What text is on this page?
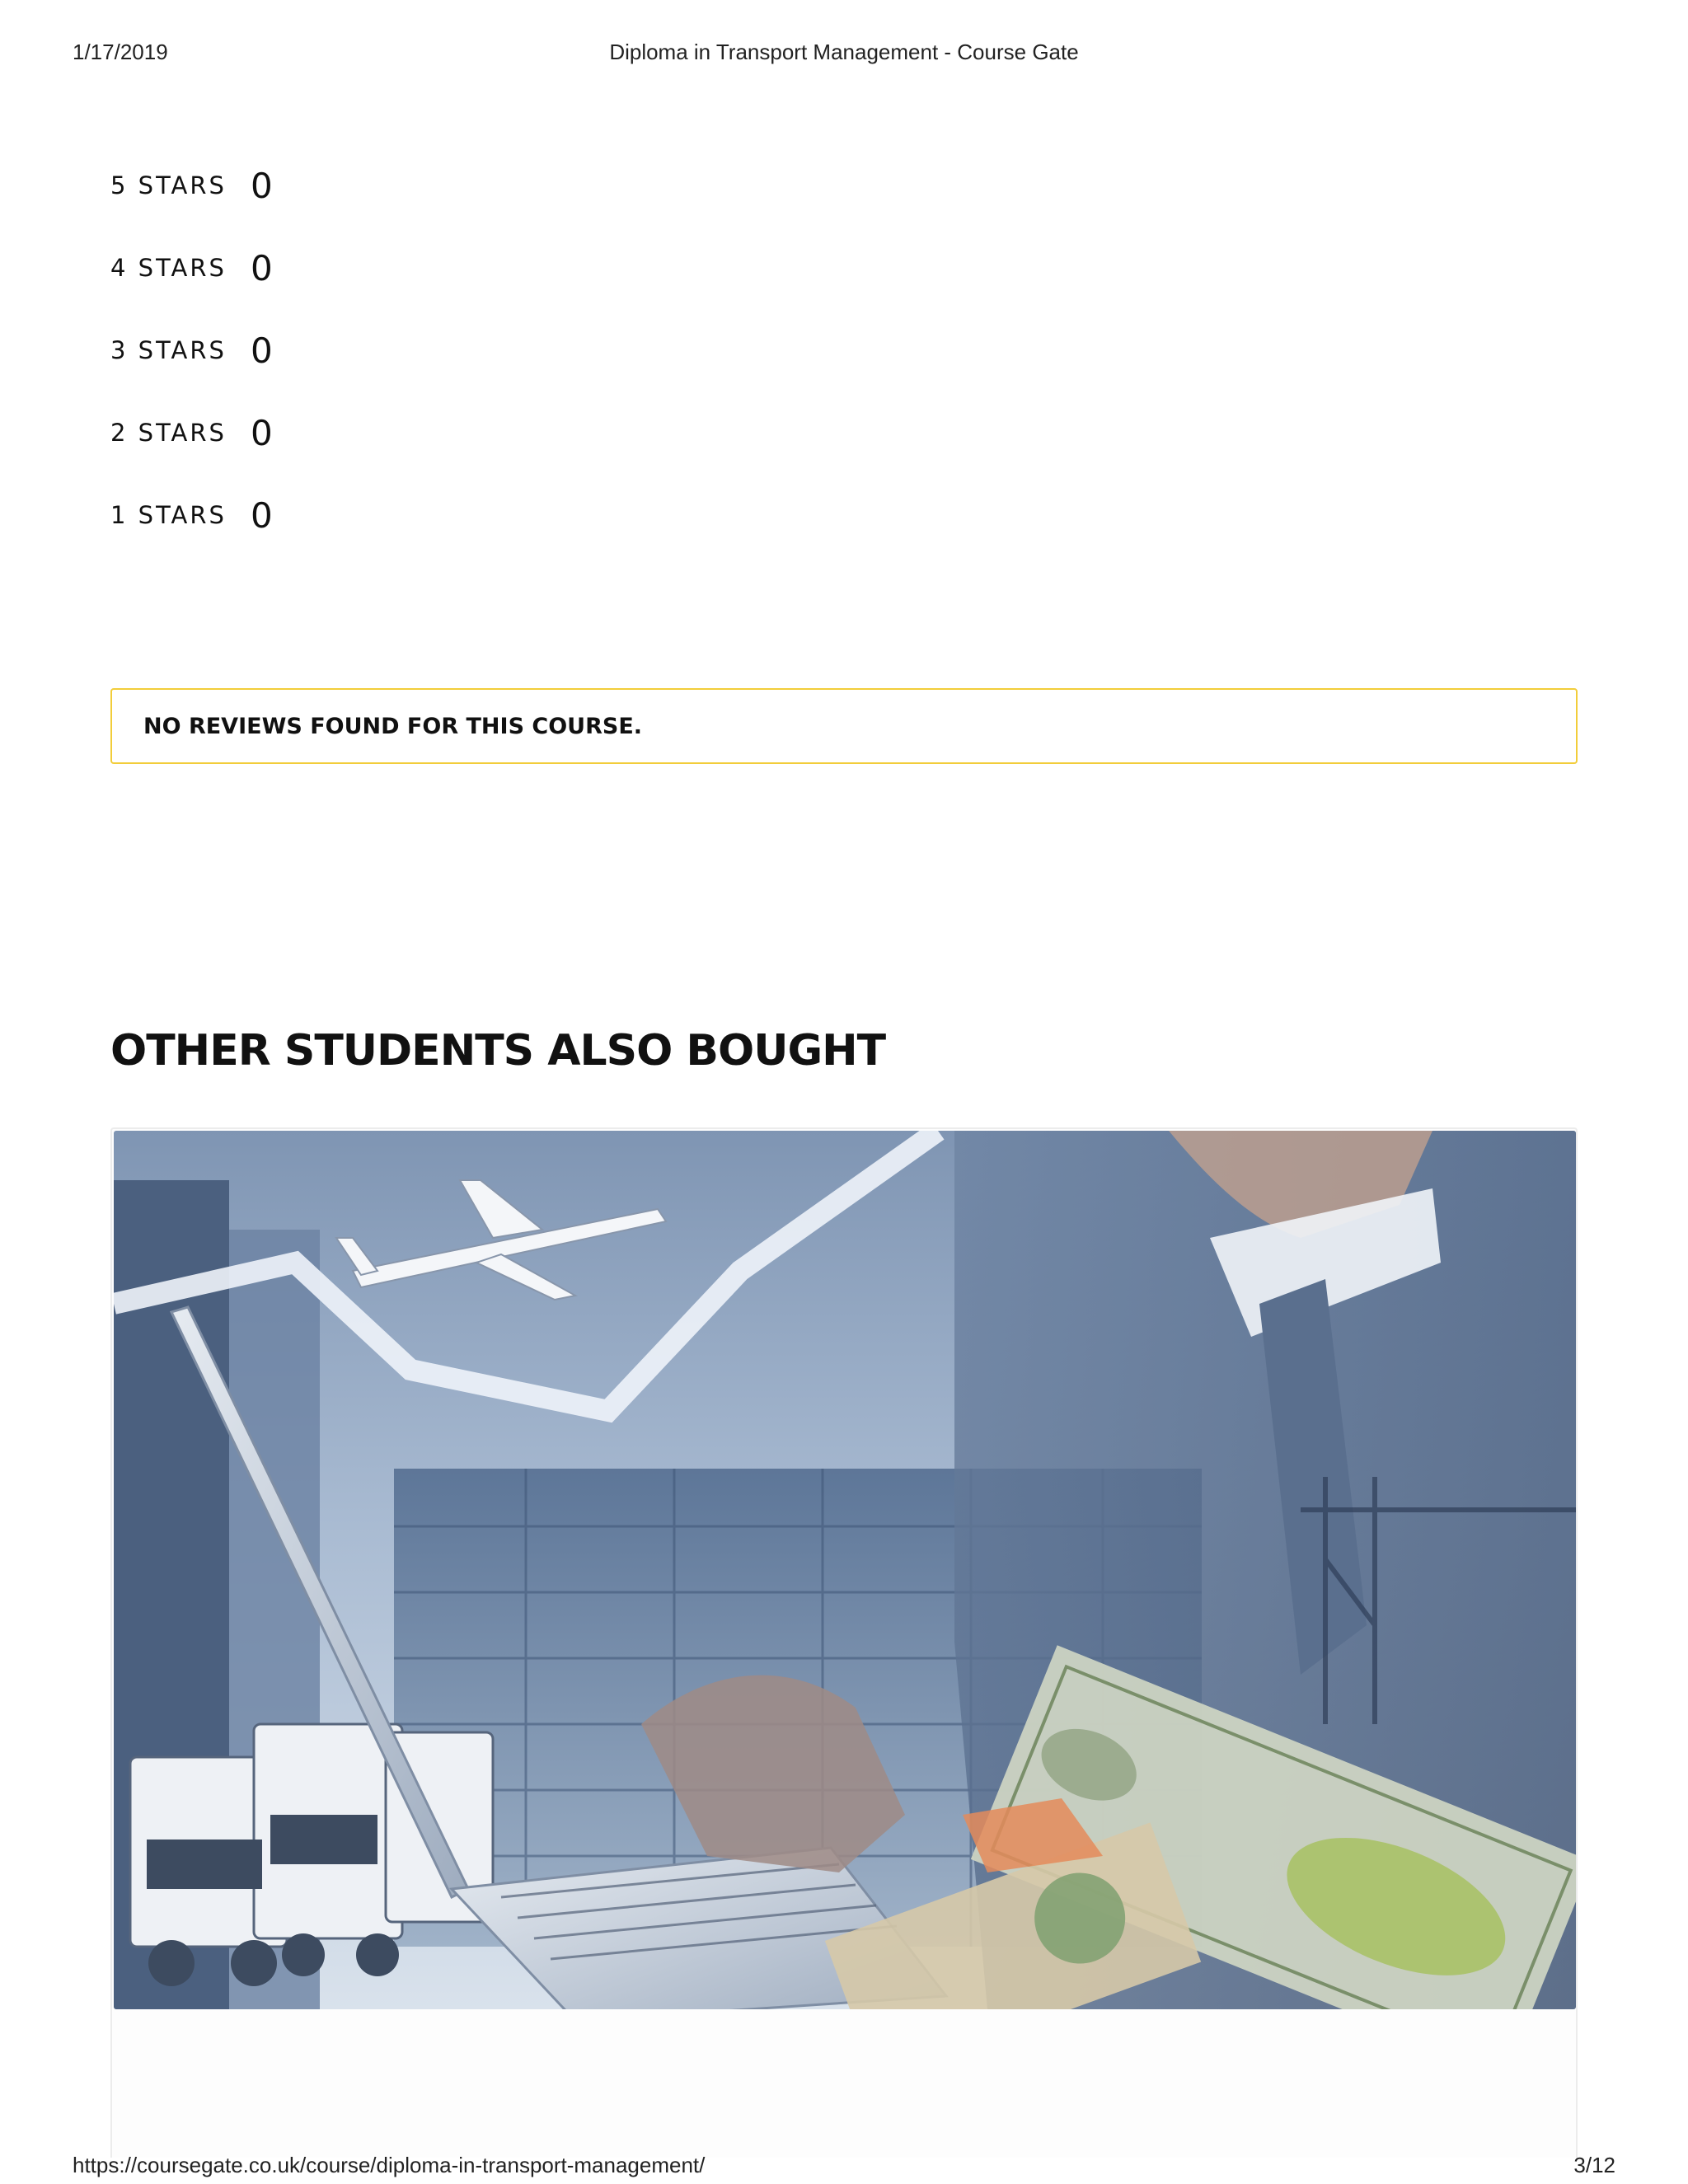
1/17/2019	Diploma in Transport Management - Course Gate
5 STARS 0
4 STARS 0
3 STARS 0
2 STARS 0
1 STARS 0
NO REVIEWS FOUND FOR THIS COURSE.
OTHER STUDENTS ALSO BOUGHT
https://coursegate.co.uk/course/diploma-in-transport-management/	3/12
